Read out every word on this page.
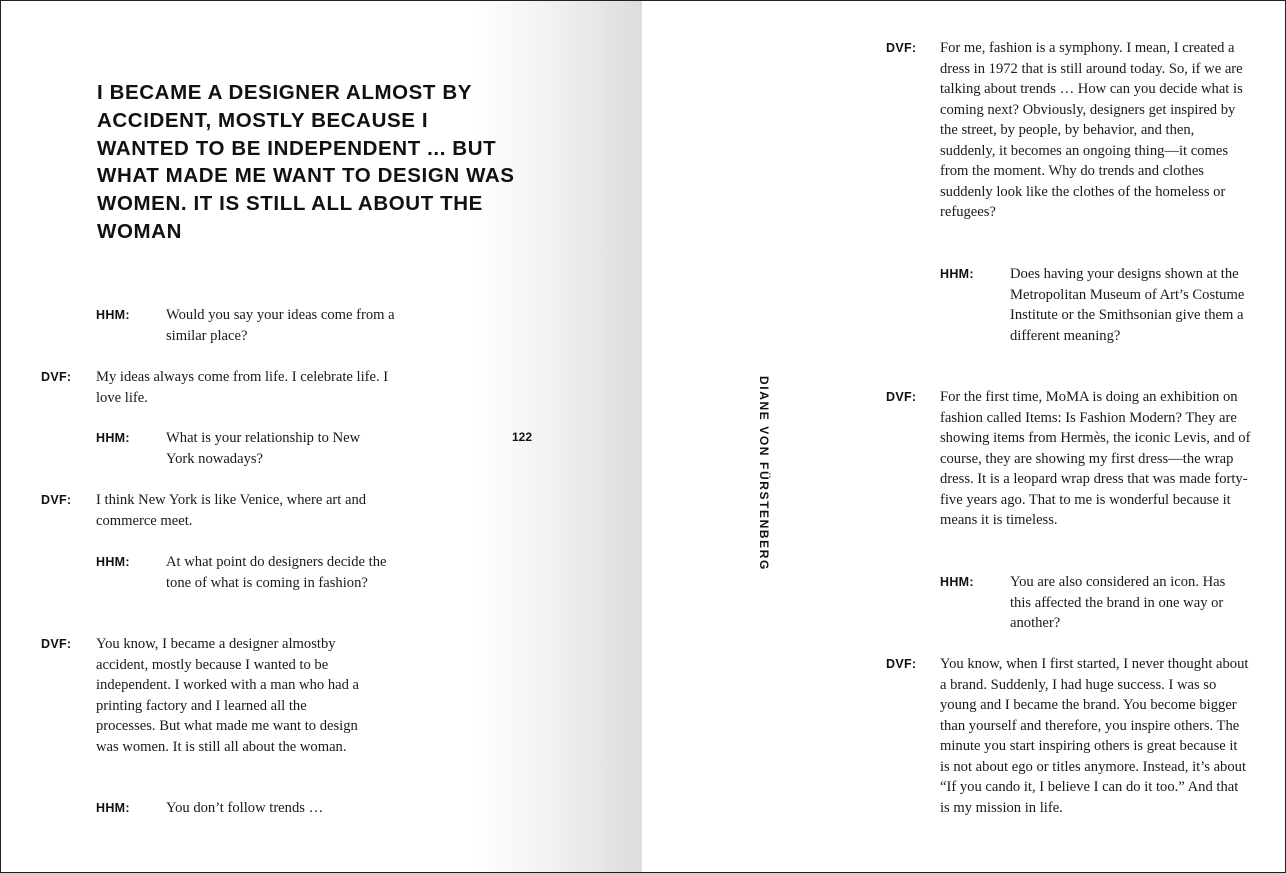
I BECAME A DESIGNER ALMOST BY ACCIDENT, MOSTLY BECAUSE I WANTED TO BE INDEPENDENT ... BUT WHAT MADE ME WANT TO DESIGN WAS WOMEN. IT IS STILL ALL ABOUT THE WOMAN
HHM: Would you say your ideas come from a similar place?

DVF: My ideas always come from life. I celebrate life. I love life.

HHM: What is your relationship to New York nowadays?

DVF: I think New York is like Venice, where art and commerce meet.

HHM: At what point do designers decide the tone of what is coming in fashion?

DVF: You know, I became a designer almostby accident, mostly because I wanted to be independent. I worked with a man who had a printing factory and I learned all the processes. But what made me want to design was women. It is still all about the woman.

HHM: You don’t follow trends …

122
DVF: For me, fashion is a symphony. I mean, I created a dress in 1972 that is still around today. So, if we are talking about trends … How can you decide what is coming next? Obviously, designers get inspired by the street, by people, by behavior, and then, suddenly, it becomes an ongoing thing—it comes from the moment. Why do trends and clothes suddenly look like the clothes of the homeless or refugees?

HHM: Does having your designs shown at the Metropolitan Museum of Art’s Costume Institute or the Smithsonian give them a different meaning?

DVF: For the first time, MoMA is doing an exhibition on fashion called Items: Is Fashion Modern? They are showing items from Hermès, the iconic Levis, and of course, they are showing my first dress—the wrap dress. It is a leopard wrap dress that was made forty-five years ago. That to me is wonderful because it means it is timeless.

HHM: You are also considered an icon. Has this affected the brand in one way or another?

DVF: You know, when I first started, I never thought about a brand. Suddenly, I had huge success. I was so young and I became the brand. You become bigger than yourself and therefore, you inspire others. The minute you start inspiring others is great because it is not about ego or titles anymore. Instead, it’s about “If you cando it, I believe I can do it too.” And that is my mission in life.

DIANE VON FÜRSTENBERG
